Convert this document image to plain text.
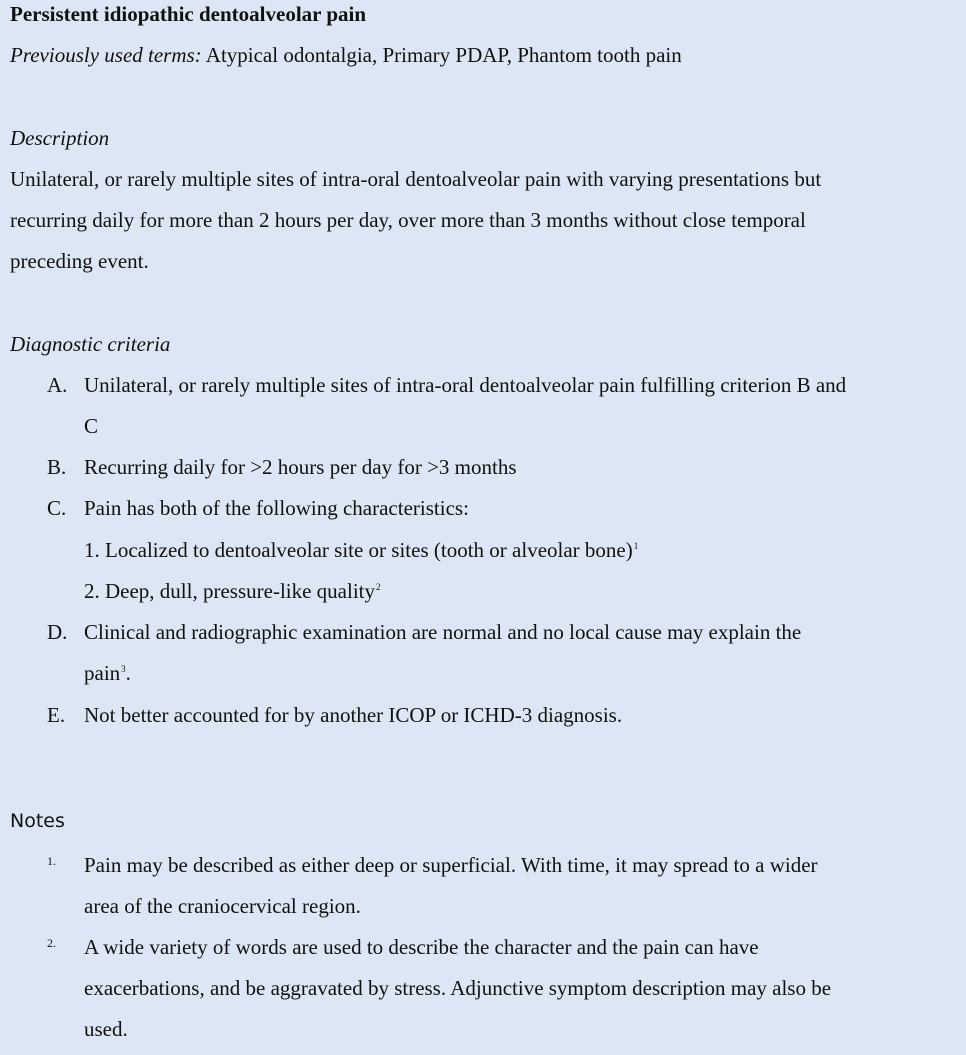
Persistent idiopathic dentoalveolar pain
Previously used terms: Atypical odontalgia, Primary PDAP, Phantom tooth pain
Description
Unilateral, or rarely multiple sites of intra-oral dentoalveolar pain with varying presentations but
recurring daily for more than 2 hours per day, over more than 3 months without close temporal
preceding event.
Diagnostic criteria
A. Unilateral, or rarely multiple sites of intra-oral dentoalveolar pain fulfilling criterion B and
C
B. Recurring daily for >2 hours per day for >3 months
C. Pain has both of the following characteristics:
1. Localized to dentoalveolar site or sites (tooth or alveolar bone)$^1$
2. Deep, dull, pressure-like quality$^2$
D. Clinical and radiographic examination are normal and no local cause may explain the
pain$^3$.
E. Not better accounted for by another ICOP or ICHD-3 diagnosis.
Notes
1. Pain may be described as either deep or superficial. With time, it may spread to a wider
area of the craniocervical region.
2. A wide variety of words are used to describe the character and the pain can have
exacerbations, and be aggravated by stress. Adjunctive symptom description may also be
used.
